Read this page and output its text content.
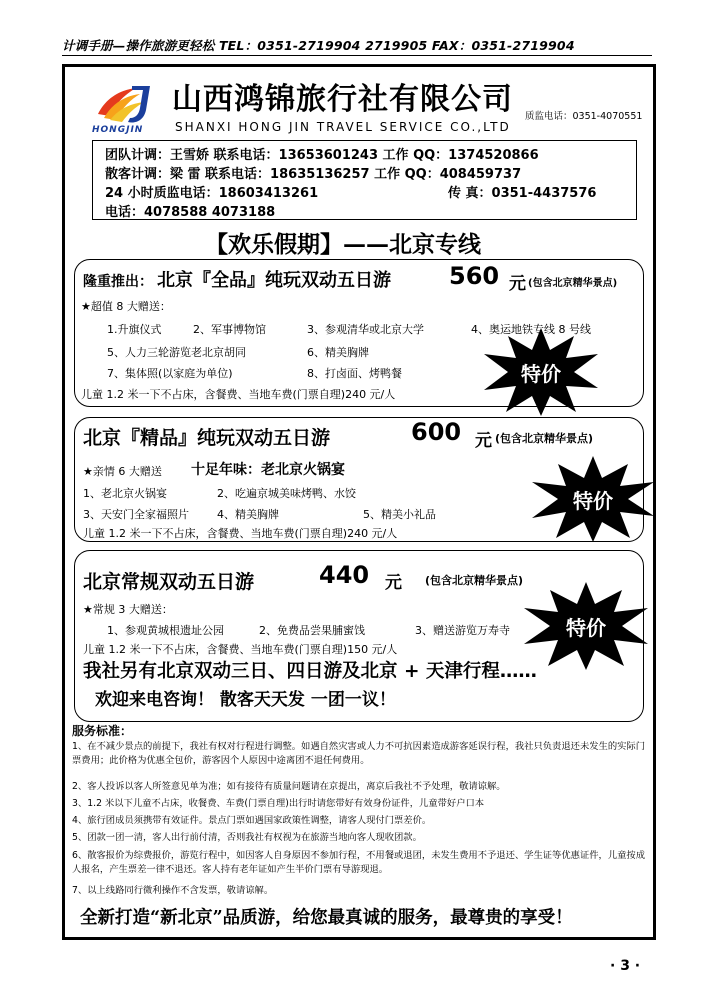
计调手册—操作旅游更轻松 TEL：0351-2719904 2719905 FAX：0351-2719904
HONGJIN
山西鸿锦旅行社有限公司
SHANXI HONG JIN TRAVEL SERVICE CO.,LTD
质监电话：0351-4070551
团队计调：王雪娇 联系电话：13653601243 工作 QQ：1374520866
散客计调：梁 雷 联系电话：18635136257 工作 QQ：408459737
24 小时质监电话：18603413261	传 真：0351-4437576
电话：4078588 4073188
【欢乐假期】——北京专线
隆重推出： 北京『全品』纯玩双动五日游 560 元 (包含北京精华景点)
★超值 8 大赠送：
1.升旗仪式	2、军事博物馆	3、参观清华或北京大学	4、奥运地铁专线 8 号线
5、人力三轮游览老北京胡同	6、精美胸牌
7、集体照(以家庭为单位)	8、打卤面、烤鸭餐
儿童 1.2 米一下不占床，含餐费、当地车费(门票自理)240 元/人
特价
北京『精品』纯玩双动五日游	600 元 (包含北京精华景点)
★亲情 6 大赠送 十足年味：老北京火锅宴
1、老北京火锅宴	2、吃遍京城美味烤鸭、水饺
3、天安门全家福照片	4、精美胸牌	5、精美小礼品
儿童 1.2 米一下不占床，含餐费、当地车费(门票自理)240 元/人
特价
北京常规双动五日游	440 元 (包含北京精华景点)
★常规 3 大赠送：
1、参观黄城根遗址公园	2、免费品尝果脯蜜饯	3、赠送游览万寿寺
儿童 1.2 米一下不占床，含餐费、当地车费(门票自理)150 元/人
我社另有北京双动三日、四日游及北京 + 天津行程……
欢迎来电咨询！ 散客天天发 一团一议！
特价
服务标准：
1、在不减少景点的前提下，我社有权对行程进行调整。如遇自然灾害或人力不可抗因素造成游客延误行程，我社只负责退还未发生的实际门票费用；此价格为优惠全包价，游客因个人原因中途离团不退任何费用。
2、客人投诉以客人所签意见单为准；如有接待有质量问题请在京提出，离京后我社不予处理，敬请谅解。
3、1.2 米以下儿童不占床，收餐费、车费(门票自理)出行时请您带好有效身份证件，儿童带好户口本
4、旅行团成员须携带有效证件。景点门票如遇国家政策性调整，请客人现付门票差价。
5、团款一团一清，客人出行前付清，否则我社有权视为在旅游当地向客人现收团款。
6、散客报价为综费报价，游览行程中，如因客人自身原因不参加行程，不用餐或退团，未发生费用不予退还、学生证等优惠证件，儿童按成人报名，产生票差一律不退还。客人持有老年证如产生半价门票有导游现退。
7、以上线路同行微利操作不含发票，敬请谅解。
全新打造“新北京”品质游，给您最真诚的服务，最尊贵的享受！
· 3 ·
